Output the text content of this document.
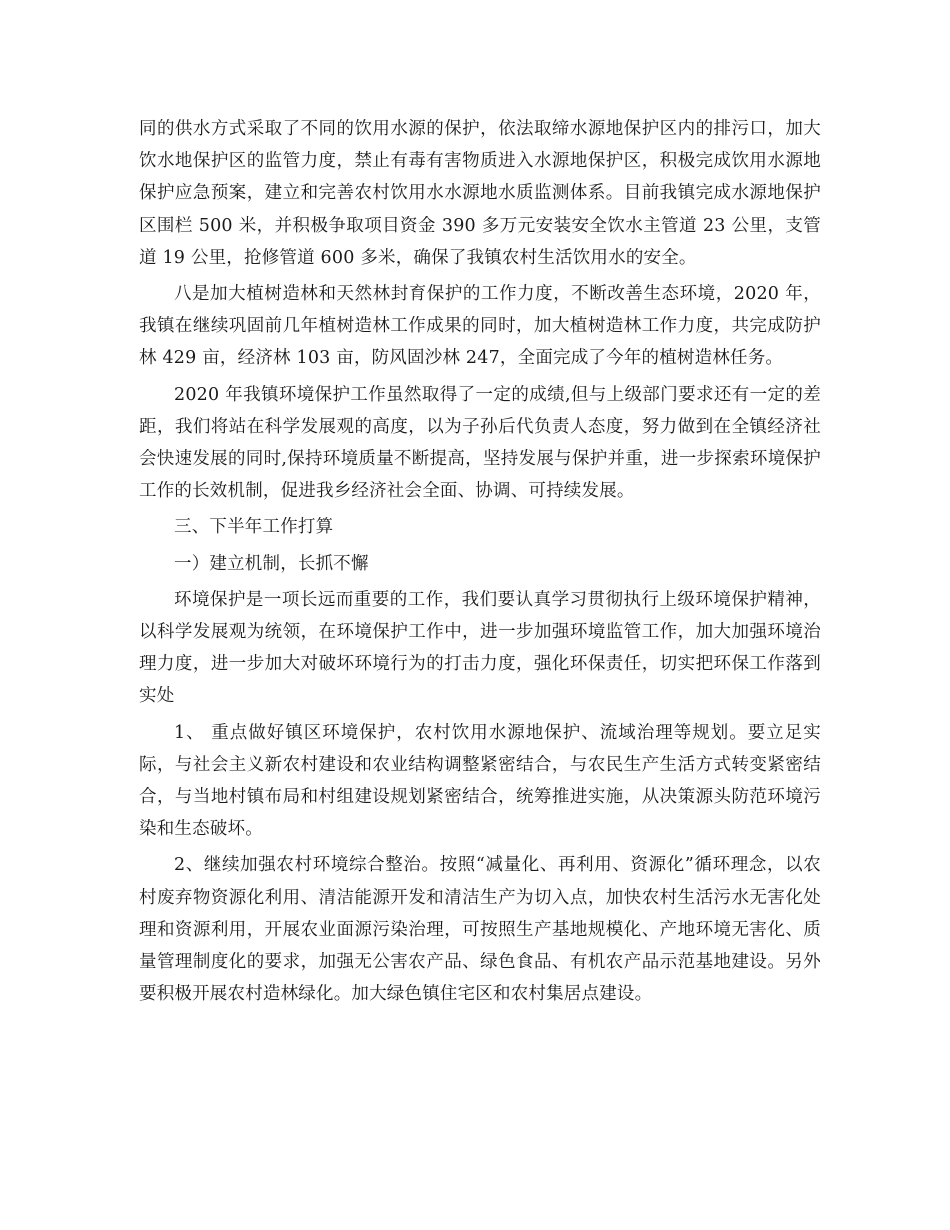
同的供水方式采取了不同的饮用水源的保护，依法取缔水源地保护区内的排污口，加大饮水地保护区的监管力度，禁止有毒有害物质进入水源地保护区，积极完成饮用水源地保护应急预案，建立和完善农村饮用水水源地水质监测体系。目前我镇完成水源地保护区围栏 500 米，并积极争取项目资金 390 多万元安装安全饮水主管道 23 公里，支管道 19 公里，抢修管道 600 多米，确保了我镇农村生活饮用水的安全。

八是加大植树造林和天然林封育保护的工作力度，不断改善生态环境，2020 年，我镇在继续巩固前几年植树造林工作成果的同时，加大植树造林工作力度，共完成防护林 429 亩，经济林 103 亩，防风固沙林 247，全面完成了今年的植树造林任务。

2020 年我镇环境保护工作虽然取得了一定的成绩,但与上级部门要求还有一定的差距，我们将站在科学发展观的高度，以为子孙后代负责人态度，努力做到在全镇经济社会快速发展的同时,保持环境质量不断提高，坚持发展与保护并重，进一步探索环境保护工作的长效机制，促进我乡经济社会全面、协调、可持续发展。

三、下半年工作打算

一）建立机制，长抓不懈

环境保护是一项长远而重要的工作，我们要认真学习贯彻执行上级环境保护精神，以科学发展观为统领，在环境保护工作中，进一步加强环境监管工作，加大加强环境治理力度，进一步加大对破坏环境行为的打击力度，强化环保责任，切实把环保工作落到实处

1、 重点做好镇区环境保护，农村饮用水源地保护、流域治理等规划。要立足实际，与社会主义新农村建设和农业结构调整紧密结合，与农民生产生活方式转变紧密结合，与当地村镇布局和村组建设规划紧密结合，统筹推进实施，从决策源头防范环境污染和生态破坏。

2、继续加强农村环境综合整治。按照“减量化、再利用、资源化”循环理念，以农村废弃物资源化利用、清洁能源开发和清洁生产为切入点，加快农村生活污水无害化处理和资源利用，开展农业面源污染治理，可按照生产基地规模化、产地环境无害化、质量管理制度化的要求，加强无公害农产品、绿色食品、有机农产品示范基地建设。另外要积极开展农村造林绿化。加大绿色镇住宅区和农村集居点建设。
